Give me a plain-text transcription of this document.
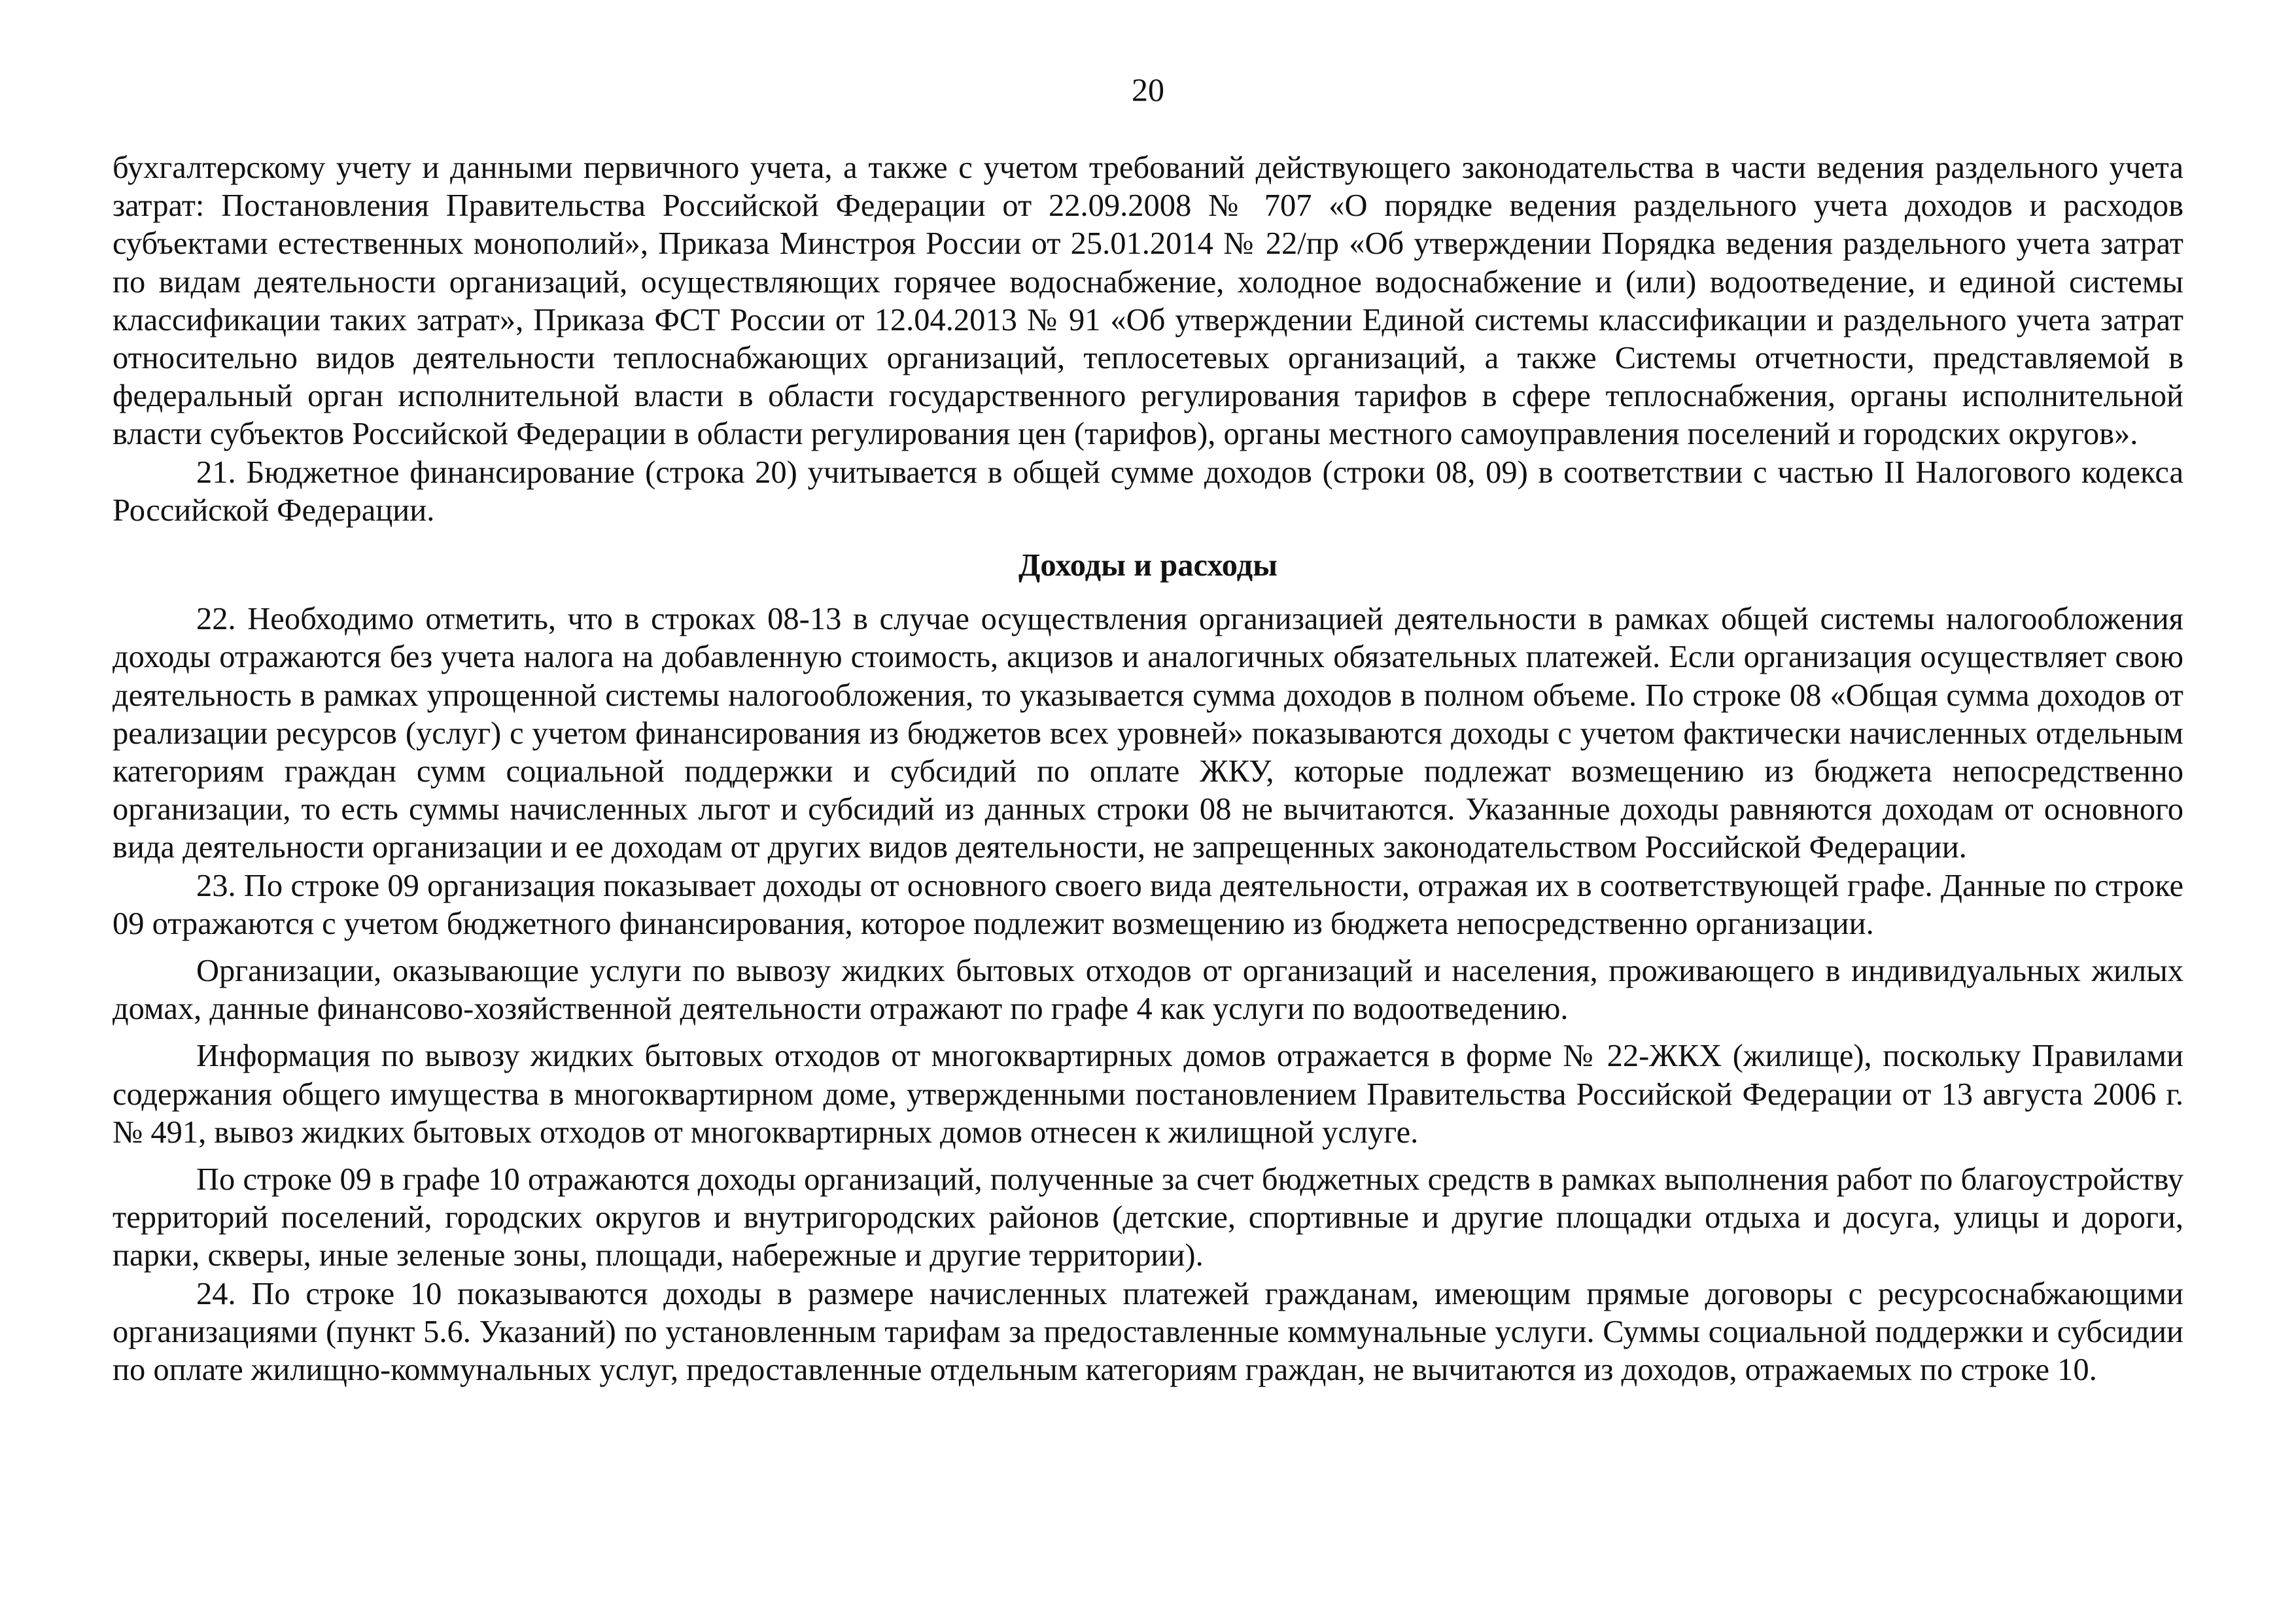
20

бухгалтерскому учету и данными первичного учета, а также с учетом требований действующего законодательства в части ведения раздельного учета затрат: Постановления Правительства Российской Федерации от 22.09.2008 № 707 «О порядке ведения раздельного учета доходов и расходов субъектами естественных монополий», Приказа Минстроя России от 25.01.2014 № 22/пр «Об утверждении Порядка ведения раздельного учета затрат по видам деятельности организаций, осуществляющих горячее водоснабжение, холодное водоснабжение и (или) водоотведение, и единой системы классификации таких затрат», Приказа ФСТ России от 12.04.2013 № 91 «Об утверждении Единой системы классификации и раздельного учета затрат относительно видов деятельности теплоснабжающих организаций, теплосетевых организаций, а также Системы отчетности, представляемой в федеральный орган исполнительной власти в области государственного регулирования тарифов в сфере теплоснабжения, органы исполнительной власти субъектов Российской Федерации в области регулирования цен (тарифов), органы местного самоуправления поселений и городских округов».

21. Бюджетное финансирование (строка 20) учитывается в общей сумме доходов (строки 08, 09) в соответствии с частью II Налогового кодекса Российской Федерации.

Доходы и расходы

22. Необходимо отметить, что в строках 08-13 в случае осуществления организацией деятельности в рамках общей системы налогообложения доходы отражаются без учета налога на добавленную стоимость, акцизов и аналогичных обязательных платежей. Если организация осуществляет свою деятельность в рамках упрощенной системы налогообложения, то указывается сумма доходов в полном объеме. По строке 08 «Общая сумма доходов от реализации ресурсов (услуг) с учетом финансирования из бюджетов всех уровней» показываются доходы с учетом фактически начисленных отдельным категориям граждан сумм социальной поддержки и субсидий по оплате ЖКУ, которые подлежат возмещению из бюджета непосредственно организации, то есть суммы начисленных льгот и субсидий из данных строки 08 не вычитаются. Указанные доходы равняются доходам от основного вида деятельности организации и ее доходам от других видов деятельности, не запрещенных законодательством Российской Федерации.

23. По строке 09 организация показывает доходы от основного своего вида деятельности, отражая их в соответствующей графе. Данные по строке 09 отражаются с учетом бюджетного финансирования, которое подлежит возмещению из бюджета непосредственно организации.

Организации, оказывающие услуги по вывозу жидких бытовых отходов от организаций и населения, проживающего в индивидуальных жилых домах, данные финансово-хозяйственной деятельности отражают по графе 4 как услуги по водоотведению.

Информация по вывозу жидких бытовых отходов от многоквартирных домов отражается в форме № 22-ЖКХ (жилище), поскольку Правилами содержания общего имущества в многоквартирном доме, утвержденными постановлением Правительства Российской Федерации от 13 августа 2006 г. № 491, вывоз жидких бытовых отходов от многоквартирных домов отнесен к жилищной услуге.

По строке 09 в графе 10 отражаются доходы организаций, полученные за счет бюджетных средств в рамках выполнения работ по благоустройству территорий поселений, городских округов и внутригородских районов (детские, спортивные и другие площадки отдыха и досуга, улицы и дороги, парки, скверы, иные зеленые зоны, площади, набережные и другие территории).

24. По строке 10 показываются доходы в размере начисленных платежей гражданам, имеющим прямые договоры с ресурсоснабжающими организациями (пункт 5.6. Указаний) по установленным тарифам за предоставленные коммунальные услуги. Суммы социальной поддержки и субсидии по оплате жилищно-коммунальных услуг, предоставленные отдельным категориям граждан, не вычитаются из доходов, отражаемых по строке 10.
